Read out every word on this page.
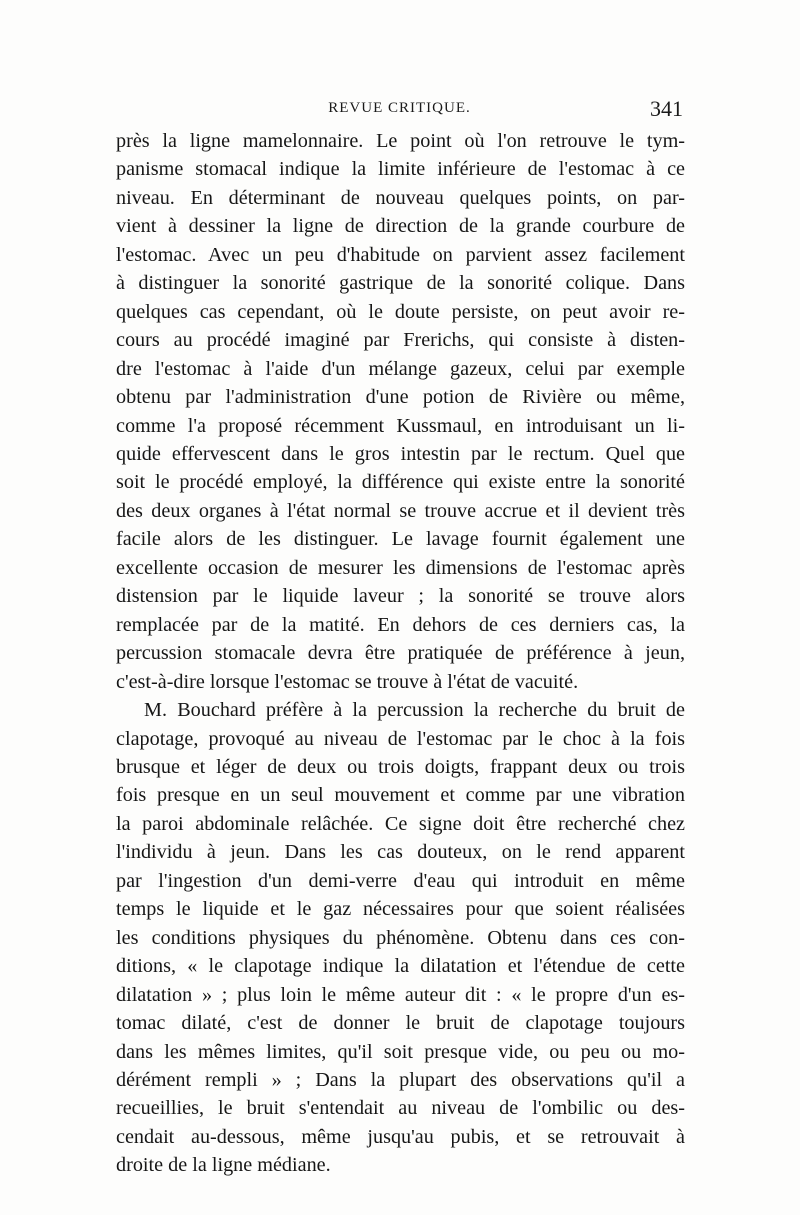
REVUE CRITIQUE.	341

près la ligne mamelonnaire. Le point où l'on retrouve le tym-
panisme stomacal indique la limite inférieure de l'estomac à ce
niveau. En déterminant de nouveau quelques points, on par-
vient à dessiner la ligne de direction de la grande courbure de
l'estomac. Avec un peu d'habitude on parvient assez facilement
à distinguer la sonorité gastrique de la sonorité colique. Dans
quelques cas cependant, où le doute persiste, on peut avoir re-
cours au procédé imaginé par Frerichs, qui consiste à disten-
dre l'estomac à l'aide d'un mélange gazeux, celui par exemple
obtenu par l'administration d'une potion de Rivière ou même,
comme l'a proposé récemment Kussmaul, en introduisant un li-
quide effervescent dans le gros intestin par le rectum. Quel que
soit le procédé employé, la différence qui existe entre la sonorité
des deux organes à l'état normal se trouve accrue et il devient très
facile alors de les distinguer. Le lavage fournit également une
excellente occasion de mesurer les dimensions de l'estomac après
distension par le liquide laveur ; la sonorité se trouve alors
remplacée par de la matité. En dehors de ces derniers cas, la
percussion stomacale devra être pratiquée de préférence à jeun,
c'est-à-dire lorsque l'estomac se trouve à l'état de vacuité.

M. Bouchard préfère à la percussion la recherche du bruit de
clapotage, provoqué au niveau de l'estomac par le choc à la fois
brusque et léger de deux ou trois doigts, frappant deux ou trois
fois presque en un seul mouvement et comme par une vibration
la paroi abdominale relâchée. Ce signe doit être recherché chez
l'individu à jeun. Dans les cas douteux, on le rend apparent
par l'ingestion d'un demi-verre d'eau qui introduit en même
temps le liquide et le gaz nécessaires pour que soient réalisées
les conditions physiques du phénomène. Obtenu dans ces con-
ditions, « le clapotage indique la dilatation et l'étendue de cette
dilatation » ; plus loin le même auteur dit : « le propre d'un es-
tomac dilaté, c'est de donner le bruit de clapotage toujours
dans les mêmes limites, qu'il soit presque vide, ou peu ou mo-
dérément rempli » ; Dans la plupart des observations qu'il a
recueillies, le bruit s'entendait au niveau de l'ombilic ou des-
cendait au-dessous, même jusqu'au pubis, et se retrouvait à
droite de la ligne médiane.
